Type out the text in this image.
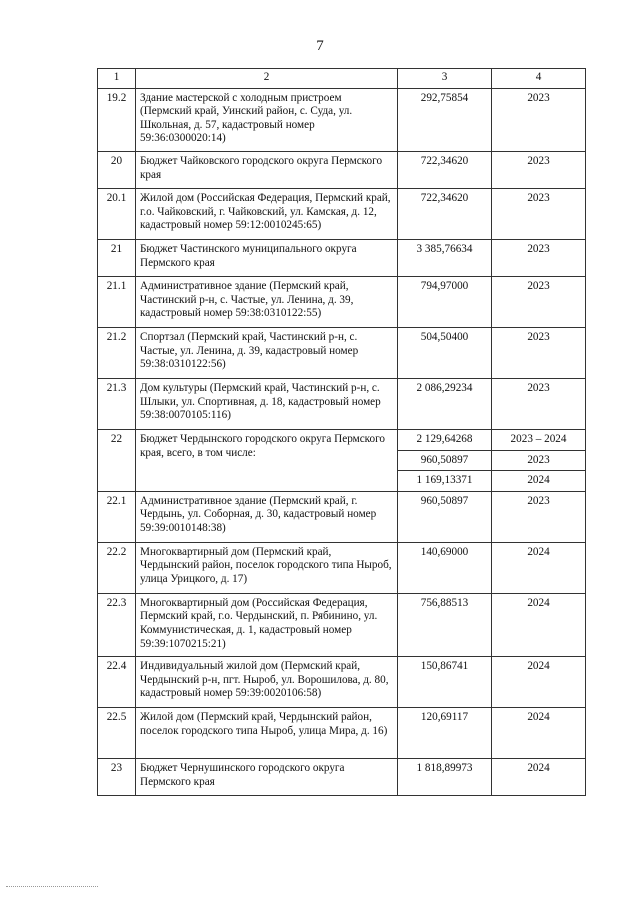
7
1	2	3	4
19.2	Здание мастерской с холодным пристроем (Пермский край, Уинский район, с. Суда, ул. Школьная, д. 57, кадастровый номер 59:36:0300020:14)	292,75854	2023
20	Бюджет Чайковского городского округа Пермского края	722,34620	2023
20.1	Жилой дом (Российская Федерация, Пермский край, г.о. Чайковский, г. Чайковский, ул. Камская, д. 12, кадастровый номер 59:12:0010245:65)	722,34620	2023
21	Бюджет Частинского муниципального округа Пермского края	3 385,76634	2023
21.1	Административное здание (Пермский край, Частинский р-н, с. Частые, ул. Ленина, д. 39, кадастровый номер 59:38:0310122:55)	794,97000	2023
21.2	Спортзал (Пермский край, Частинский р-н, с. Частые, ул. Ленина, д. 39, кадастровый номер 59:38:0310122:56)	504,50400	2023
21.3	Дом культуры (Пермский край, Частинский р-н, с. Шлыки, ул. Спортивная, д. 18, кадастровый номер 59:38:0070105:116)	2 086,29234	2023
22	Бюджет Чердынского городского округа Пермского края, всего, в том числе:	2 129,64268	2023 – 2024
		960,50897	2023
		1 169,13371	2024
22.1	Административное здание (Пермский край, г. Чердынь, ул. Соборная, д. 30, кадастровый номер 59:39:0010148:38)	960,50897	2023
22.2	Многоквартирный дом (Пермский край, Чердынский район, поселок городского типа Ныроб, улица Урицкого, д. 17)	140,69000	2024
22.3	Многоквартирный дом (Российская Федерация, Пермский край, г.о. Чердынский, п. Рябинино, ул. Коммунистическая, д. 1, кадастровый номер 59:39:1070215:21)	756,88513	2024
22.4	Индивидуальный жилой дом (Пермский край, Чердынский р-н, пгт. Ныроб, ул. Ворошилова, д. 80, кадастровый номер 59:39:0020106:58)	150,86741	2024
22.5	Жилой дом (Пермский край, Чердынский район, поселок городского типа Ныроб, улица Мира, д. 16)	120,69117	2024
23	Бюджет Чернушинского городского округа Пермского края	1 818,89973	2024
